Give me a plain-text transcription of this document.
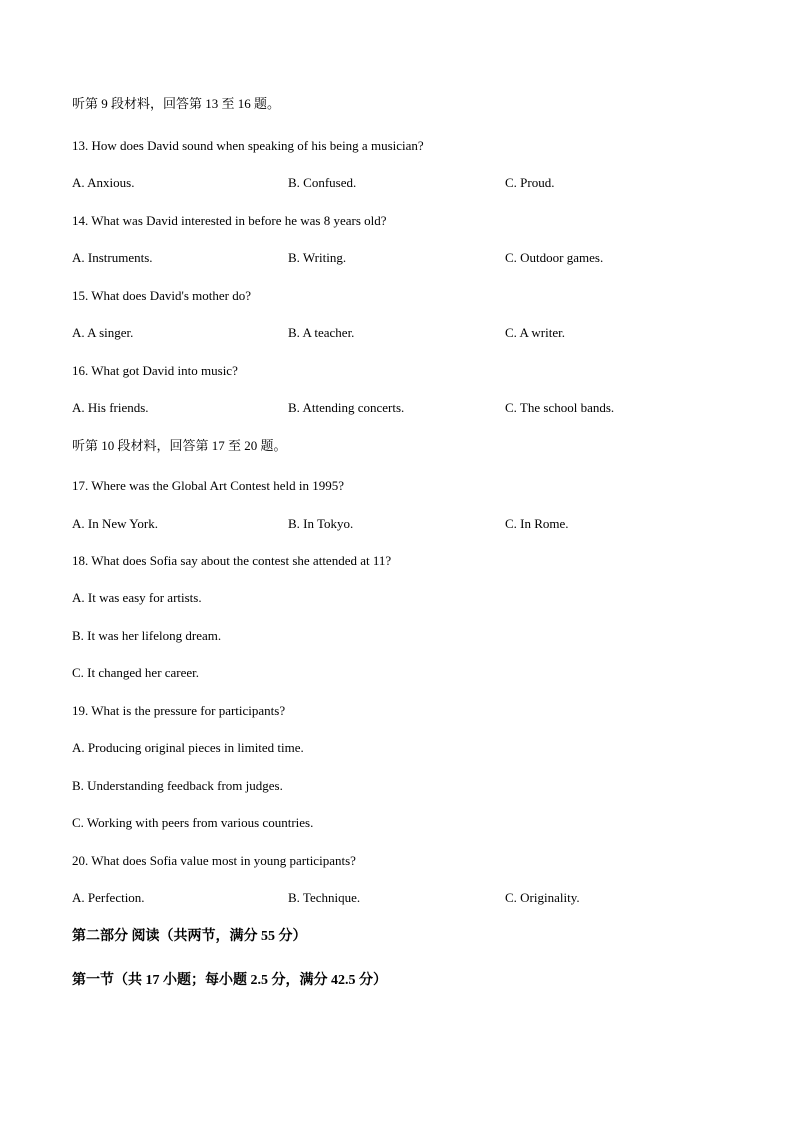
听第 9 段材料，回答第 13 至 16 题。
13. How does David sound when speaking of his being a musician?
A. Anxious.	B. Confused.	C. Proud.
14. What was David interested in before he was 8 years old?
A. Instruments.	B. Writing.	C. Outdoor games.
15. What does David's mother do?
A. A singer.	B. A teacher.	C. A writer.
16. What got David into music?
A. His friends.	B. Attending concerts.	C. The school bands.
听第 10 段材料，回答第 17 至 20 题。
17. Where was the Global Art Contest held in 1995?
A. In New York.	B. In Tokyo.	C. In Rome.
18. What does Sofia say about the contest she attended at 11?
A. It was easy for artists.
B. It was her lifelong dream.
C. It changed her career.
19. What is the pressure for participants?
A. Producing original pieces in limited time.
B. Understanding feedback from judges.
C. Working with peers from various countries.
20. What does Sofia value most in young participants?
A. Perfection.	B. Technique.	C. Originality.
第二部分 阅读（共两节，满分 55 分）
第一节（共 17 小题；每小题 2.5 分，满分 42.5 分）
